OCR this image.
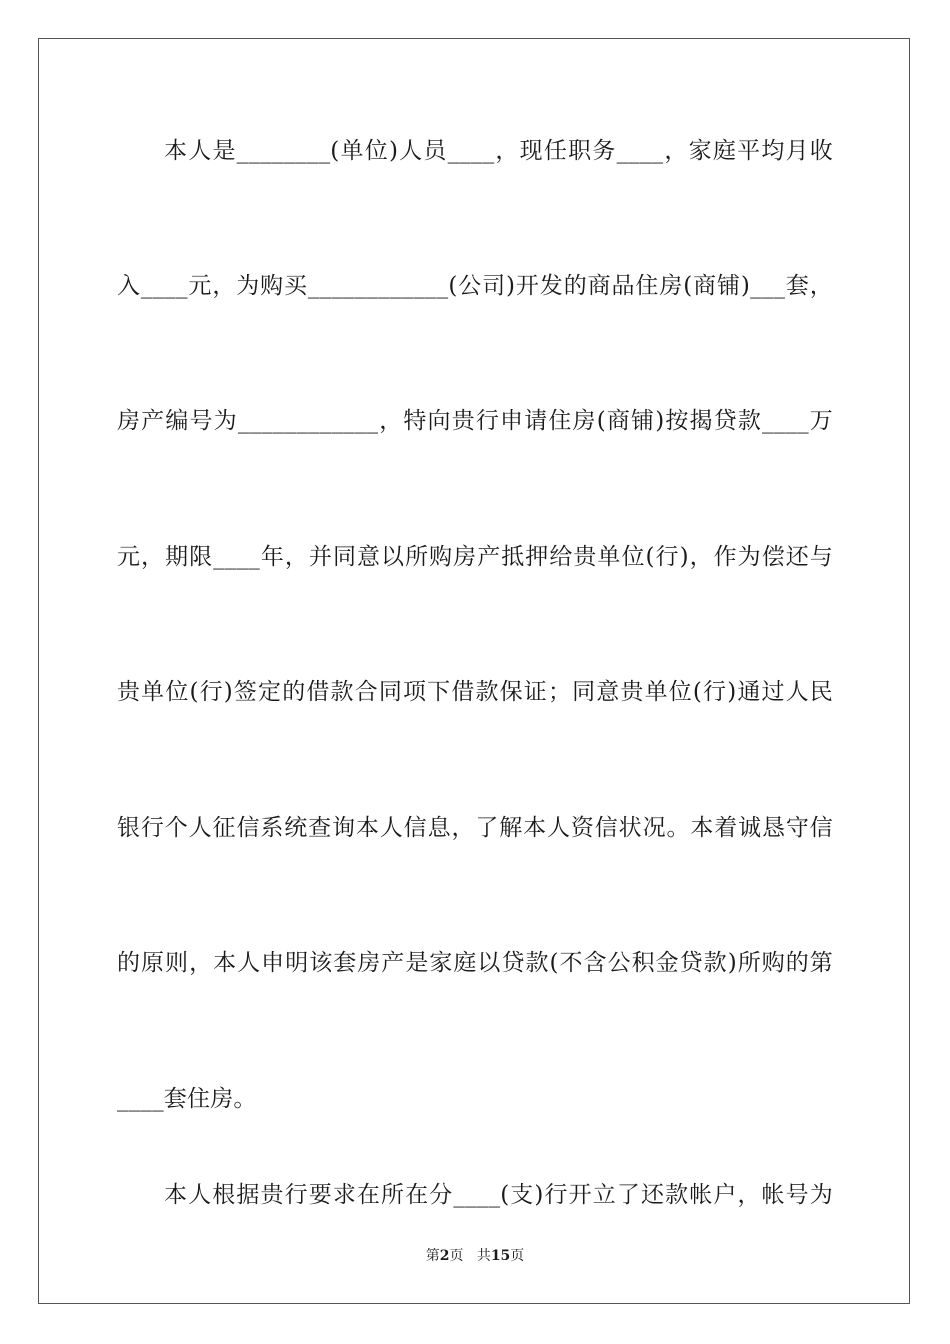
本人是________(单位)人员____，现任职务____，家庭平均月收
入____元，为购买____________(公司)开发的商品住房(商铺)___套，
房产编号为____________，特向贵行申请住房(商铺)按揭贷款____万
元，期限____年，并同意以所购房产抵押给贵单位(行)，作为偿还与
贵单位(行)签定的借款合同项下借款保证；同意贵单位(行)通过人民
银行个人征信系统查询本人信息，了解本人资信状况。本着诚恳守信
的原则，本人申明该套房产是家庭以贷款(不含公积金贷款)所购的第
____套住房。
本人根据贵行要求在所在分____(支)行开立了还款帐户，帐号为
第2页 共15页
